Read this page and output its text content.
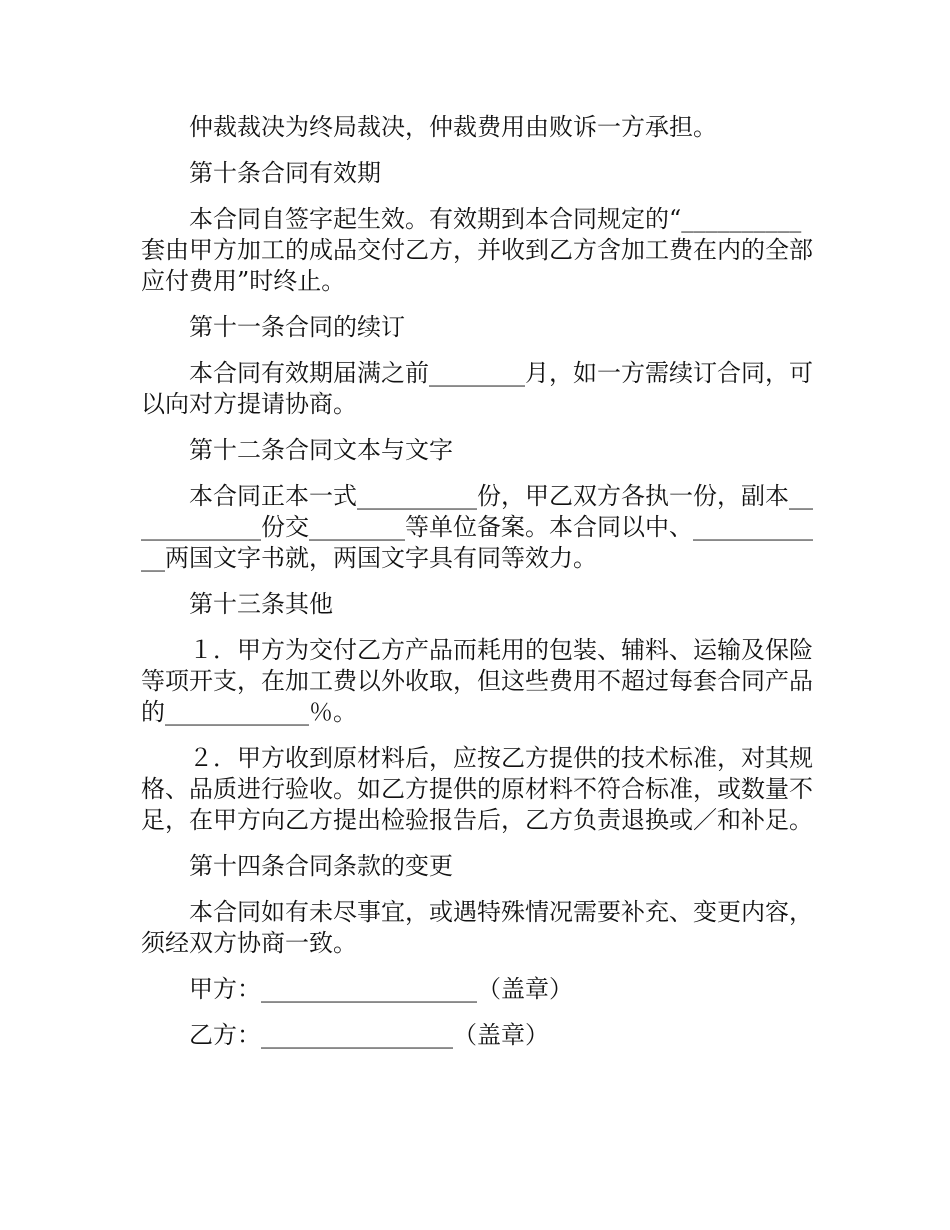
仲裁裁决为终局裁决，仲裁费用由败诉一方承担。

第十条合同有效期

本合同自签字起生效。有效期到本合同规定的“__________套由甲方加工的成品交付乙方，并收到乙方含加工费在内的全部应付费用”时终止。

第十一条合同的续订

本合同有效期届满之前________月，如一方需续订合同，可以向对方提请协商。

第十二条合同文本与文字

本合同正本一式__________份，甲乙双方各执一份，副本____________份交________等单位备案。本合同以中、____________两国文字书就，两国文字具有同等效力。

第十三条其他

１．甲方为交付乙方产品而耗用的包装、辅料、运输及保险等项开支，在加工费以外收取，但这些费用不超过每套合同产品的____________％。

２．甲方收到原材料后，应按乙方提供的技术标准，对其规格、品质进行验收。如乙方提供的原材料不符合标准，或数量不足，在甲方向乙方提出检验报告后，乙方负责退换或／和补足。

第十四条合同条款的变更

本合同如有未尽事宜，或遇特殊情况需要补充、变更内容，须经双方协商一致。

甲方：__________________（盖章）

乙方：________________（盖章）
